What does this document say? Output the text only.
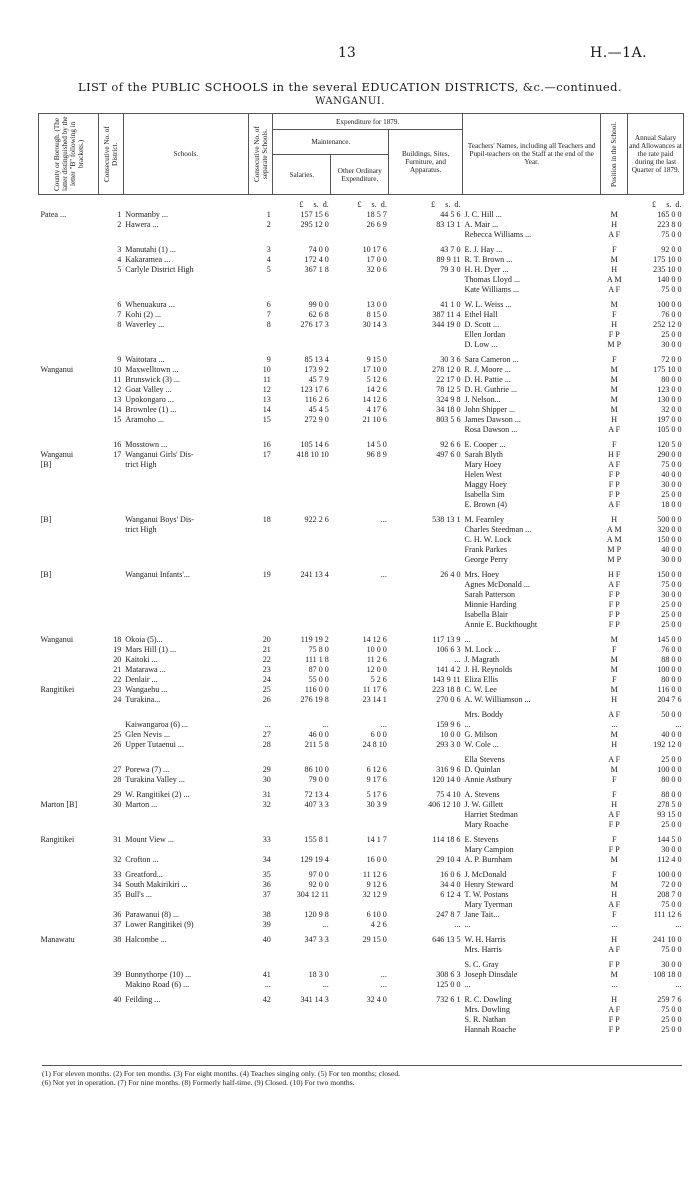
13	H.—1A.
LIST of the PUBLIC SCHOOLS in the several EDUCATION DISTRICTS, &c.—continued.
WANGANUI.
County or Borough. (The latter distinguished by the letter "B" following in brackets.)	Consecutive No. of District.	Schools.	Consecutive No. of separate Schools.	Expenditure for 1879.			Teachers' Names, including all Teachers and Pupil-teachers on the Staff at the end of the Year.	Position in the School.	Annual Salary and Allowances at the rate paid during the last Quarter of 1879.
				Maintenance.		Buildings, Sites, Furniture, and Apparatus.			
				Salaries.	Other Ordinary Expenditure.				

				£ s. d.	£ s. d.	£ s. d.			£ s. d.
Patea ...	1	Normanby ...	1	157 15 6	18 5 7	44 5 6	J. C. Hill ...	M	165 0 0
	2	Hawera ...	2	295 12 0	26 6 9	83 13 1	A. Mair ...	H	223 8 0
							Rebecca Williams ...	A F	75 0 0

	3	Manutahi (1) ...	3	74 0 0	10 17 6	43 7 0	E. J. Hay ...	F	92 0 0
	4	Kakaramea ...	4	172 4 0	17 0 0	89 9 11	R. T. Brown ...	M	175 10 0
	5	Carlyle District High	5	367 1 8	32 0 6	79 3 0	H. H. Dyer ...	H	235 10 0
							Thomas Lloyd ...	A M	140 0 0
							Kate Williams ...	A F	75 0 0

	6	Whenuakura ...	6	99 0 0	13 0 0	41 1 0	W. L. Weiss ...	M	100 0 0
	7	Kohi (2) ...	7	62 6 8	8 15 0	387 11 4	Ethel Hall	F	76 0 0
	8	Waverley ...	8	276 17 3	30 14 3	344 19 0	D. Scott ...	H	252 12 0
							Ellen Jordan	F P	25 0 0
							D. Low ...	M P	30 0 0

	9	Waitotara ...	9	85 13 4	9 15 0	30 3 6	Sara Cameron ...	F	72 0 0
Wanganui	10	Maxwelltown ...	10	173 9 2	17 10 0	278 12 0	R. J. Moore ...	M	175 10 0
	11	Brunswick (3) ...	11	45 7 9	5 12 6	22 17 0	D. H. Pattie ...	M	80 0 0
	12	Goat Valley ...	12	123 17 6	14 2 6	78 12 5	D. H. Guthrie ...	M	123 0 0
	13	Upokongaro ...	13	116 2 6	14 12 6	324 9 8	J. Nelson...	M	130 0 0
	14	Brownlee (1) ...	14	45 4 5	4 17 6	34 18 0	John Shipper ...	M	32 0 0
	15	Aramoho ...	15	272 9 0	21 10 6	803 5 6	James Dawson ...	H	197 0 0
							Rosa Dawson ...	A F	105 0 0

	16	Mosstown ...	16	105 14 6	14 5 0	92 6 6	E. Cooper ...	F	120 5 0
Wanganui	17	Wanganui Girls' Dis-	17	418 10 10	96 8 9	497 6 0	Sarah Blyth	H F	290 0 0
[B]		trict High					Mary Hoey	A F	75 0 0
							Helen West	F P	40 0 0
							Maggy Hoey	F P	30 0 0
							Isabella Sim	F P	25 0 0
							E. Brown (4)	A F	18 0 0

[B]		Wanganui Boys' Dis-	18	922 2 6	...	538 13 1	M. Fearnley	H	500 0 0
		trict High					Charles Steedman ...	A M	320 0 0
							C. H. W. Lock	A M	150 0 0
							Frank Parkes	M P	40 0 0
							George Perry	M P	30 0 0

[B]		Wanganui Infants'...	19	241 13 4	...	26 4 0	Mrs. Hoey	H F	150 0 0
							Agnes McDonald ...	A F	75 0 0
							Sarah Patterson	F P	30 0 0
							Minnie Harding	F P	25 0 0
							Isabella Blair	F P	25 0 0
							Annie E. Buckthought	F P	25 0 0

Wanganui	18	Okoia (5)...	20	119 19 2	14 12 6	117 13 9	...	M	145 0 0
	19	Mars Hill (1) ...	21	75 8 0	10 0 0	106 6 3	M. Lock ...	F	76 0 0
	20	Kaitoki ...	22	111 1 8	11 2 6	...	J. Magrath	M	88 0 0
	21	Matarawa ...	23	87 0 0	12 0 0	141 4 2	J. H. Reynolds	M	100 0 0
	22	Denlair ...	24	55 0 0	5 2 6	143 9 11	Eliza Ellis	F	80 0 0
Rangitikei	23	Wangaehu ...	25	116 0 0	11 17 6	223 18 8	C. W. Lee	M	116 0 0
	24	Turakina...	26	276 19 8	23 14 1	270 0 6	A. W. Williamson ...	H	204 7 6

							Mrs. Boddy	A F	50 0 0
		Kaiwangaroa (6) ...	...	...	...	159 9 6	...	...	...
	25	Glen Nevis ...	27	46 0 0	6 0 0	10 0 0	G. Milson	M	40 0 0
	26	Upper Tutaenui ...	28	211 5 8	24 8 10	293 3 0	W. Cole ...	H	192 12 0

							Ella Stevens	A F	25 0 0
	27	Porewa (7) ...	29	86 10 0	6 12 6	316 9 6	D. Quinlan	M	100 0 0
	28	Turakina Valley ...	30	79 0 0	9 17 6	120 14 0	Annie Astbury	F	80 0 0

	29	W. Rangitikei (2) ...	31	72 13 4	5 17 6	75 4 10	A. Stevens	F	88 0 0
Marton [B]	30	Marton ...	32	407 3 3	30 3 9	406 12 10	J. W. Gillett	H	278 5 0
							Harriet Stedman	A F	93 15 0
							Mary Roache	F P	25 0 0

Rangitikei	31	Mount View ...	33	155 8 1	14 1 7	114 18 6	E. Stevens	F	144 5 0
							Mary Campion	F P	30 0 0
	32	Crofton ...	34	129 19 4	16 0 0	29 10 4	A. P. Burnham	M	112 4 0

	33	Greatford...	35	97 0 0	11 12 6	16 0 6	J. McDonald	F	100 0 0
	34	South Makirikiri ...	36	92 0 0	9 12 6	34 4 0	Henry Steward	M	72 0 0
	35	Bull's ...	37	304 12 11	32 12 9	6 12 4	T. W. Postans	H	208 7 0
							Mary Tyerman	A F	75 0 0
	36	Parawanui (8) ...	38	120 9 8	6 10 0	247 8 7	Jane Tait...	F	111 12 6
	37	Lower Rangitikei (9)	39	...	4 2 6	...	...	...	...

Manawatu	38	Halcombe ...	40	347 3 3	29 15 0	646 13 5	W. H. Harris	H	241 10 0
							Mrs. Harris	A F	75 0 0

							S. C. Gray	F P	30 0 0
	39	Bunnythorpe (10) ...	41	18 3 0	...	308 6 3	Joseph Dinsdale	M	108 18 0
		Makino Road (6) ...	...	...	...	125 0 0	...	...	...

	40	Feilding ...	42	341 14 3	32 4 0	732 6 1	R. C. Dowling	H	259 7 6
							Mrs. Dowling	A F	75 0 0
							S. R. Nathan	F P	25 0 0
							Hannah Roache	F P	25 0 0
(1) For eleven months. (2) For ten months. (3) For eight months. (4) Teaches singing only. (5) For ten months; closed.
(6) Not yet in operation. (7) For nine months. (8) Formerly half-time. (9) Closed. (10) For two months.
